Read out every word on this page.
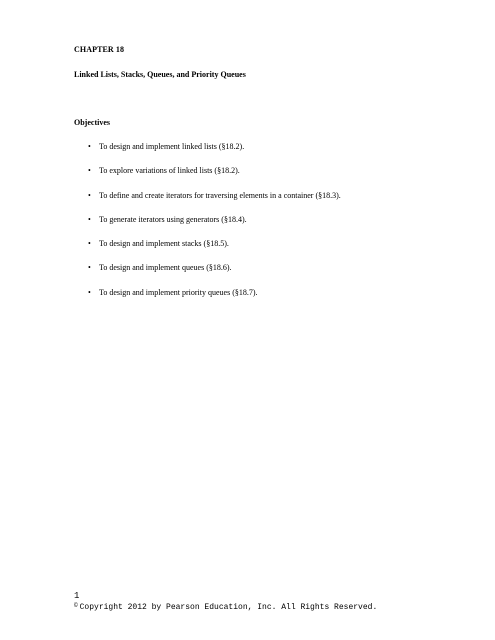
CHAPTER 18
Linked Lists, Stacks, Queues, and Priority Queues
Objectives
• To design and implement linked lists (§18.2).
• To explore variations of linked lists (§18.2).
• To define and create iterators for traversing elements in a container (§18.3).
• To generate iterators using generators (§18.4).
• To design and implement stacks (§18.5).
• To design and implement queues (§18.6).
• To design and implement priority queues (§18.7).
1
© Copyright 2012 by Pearson Education, Inc. All Rights Reserved.
